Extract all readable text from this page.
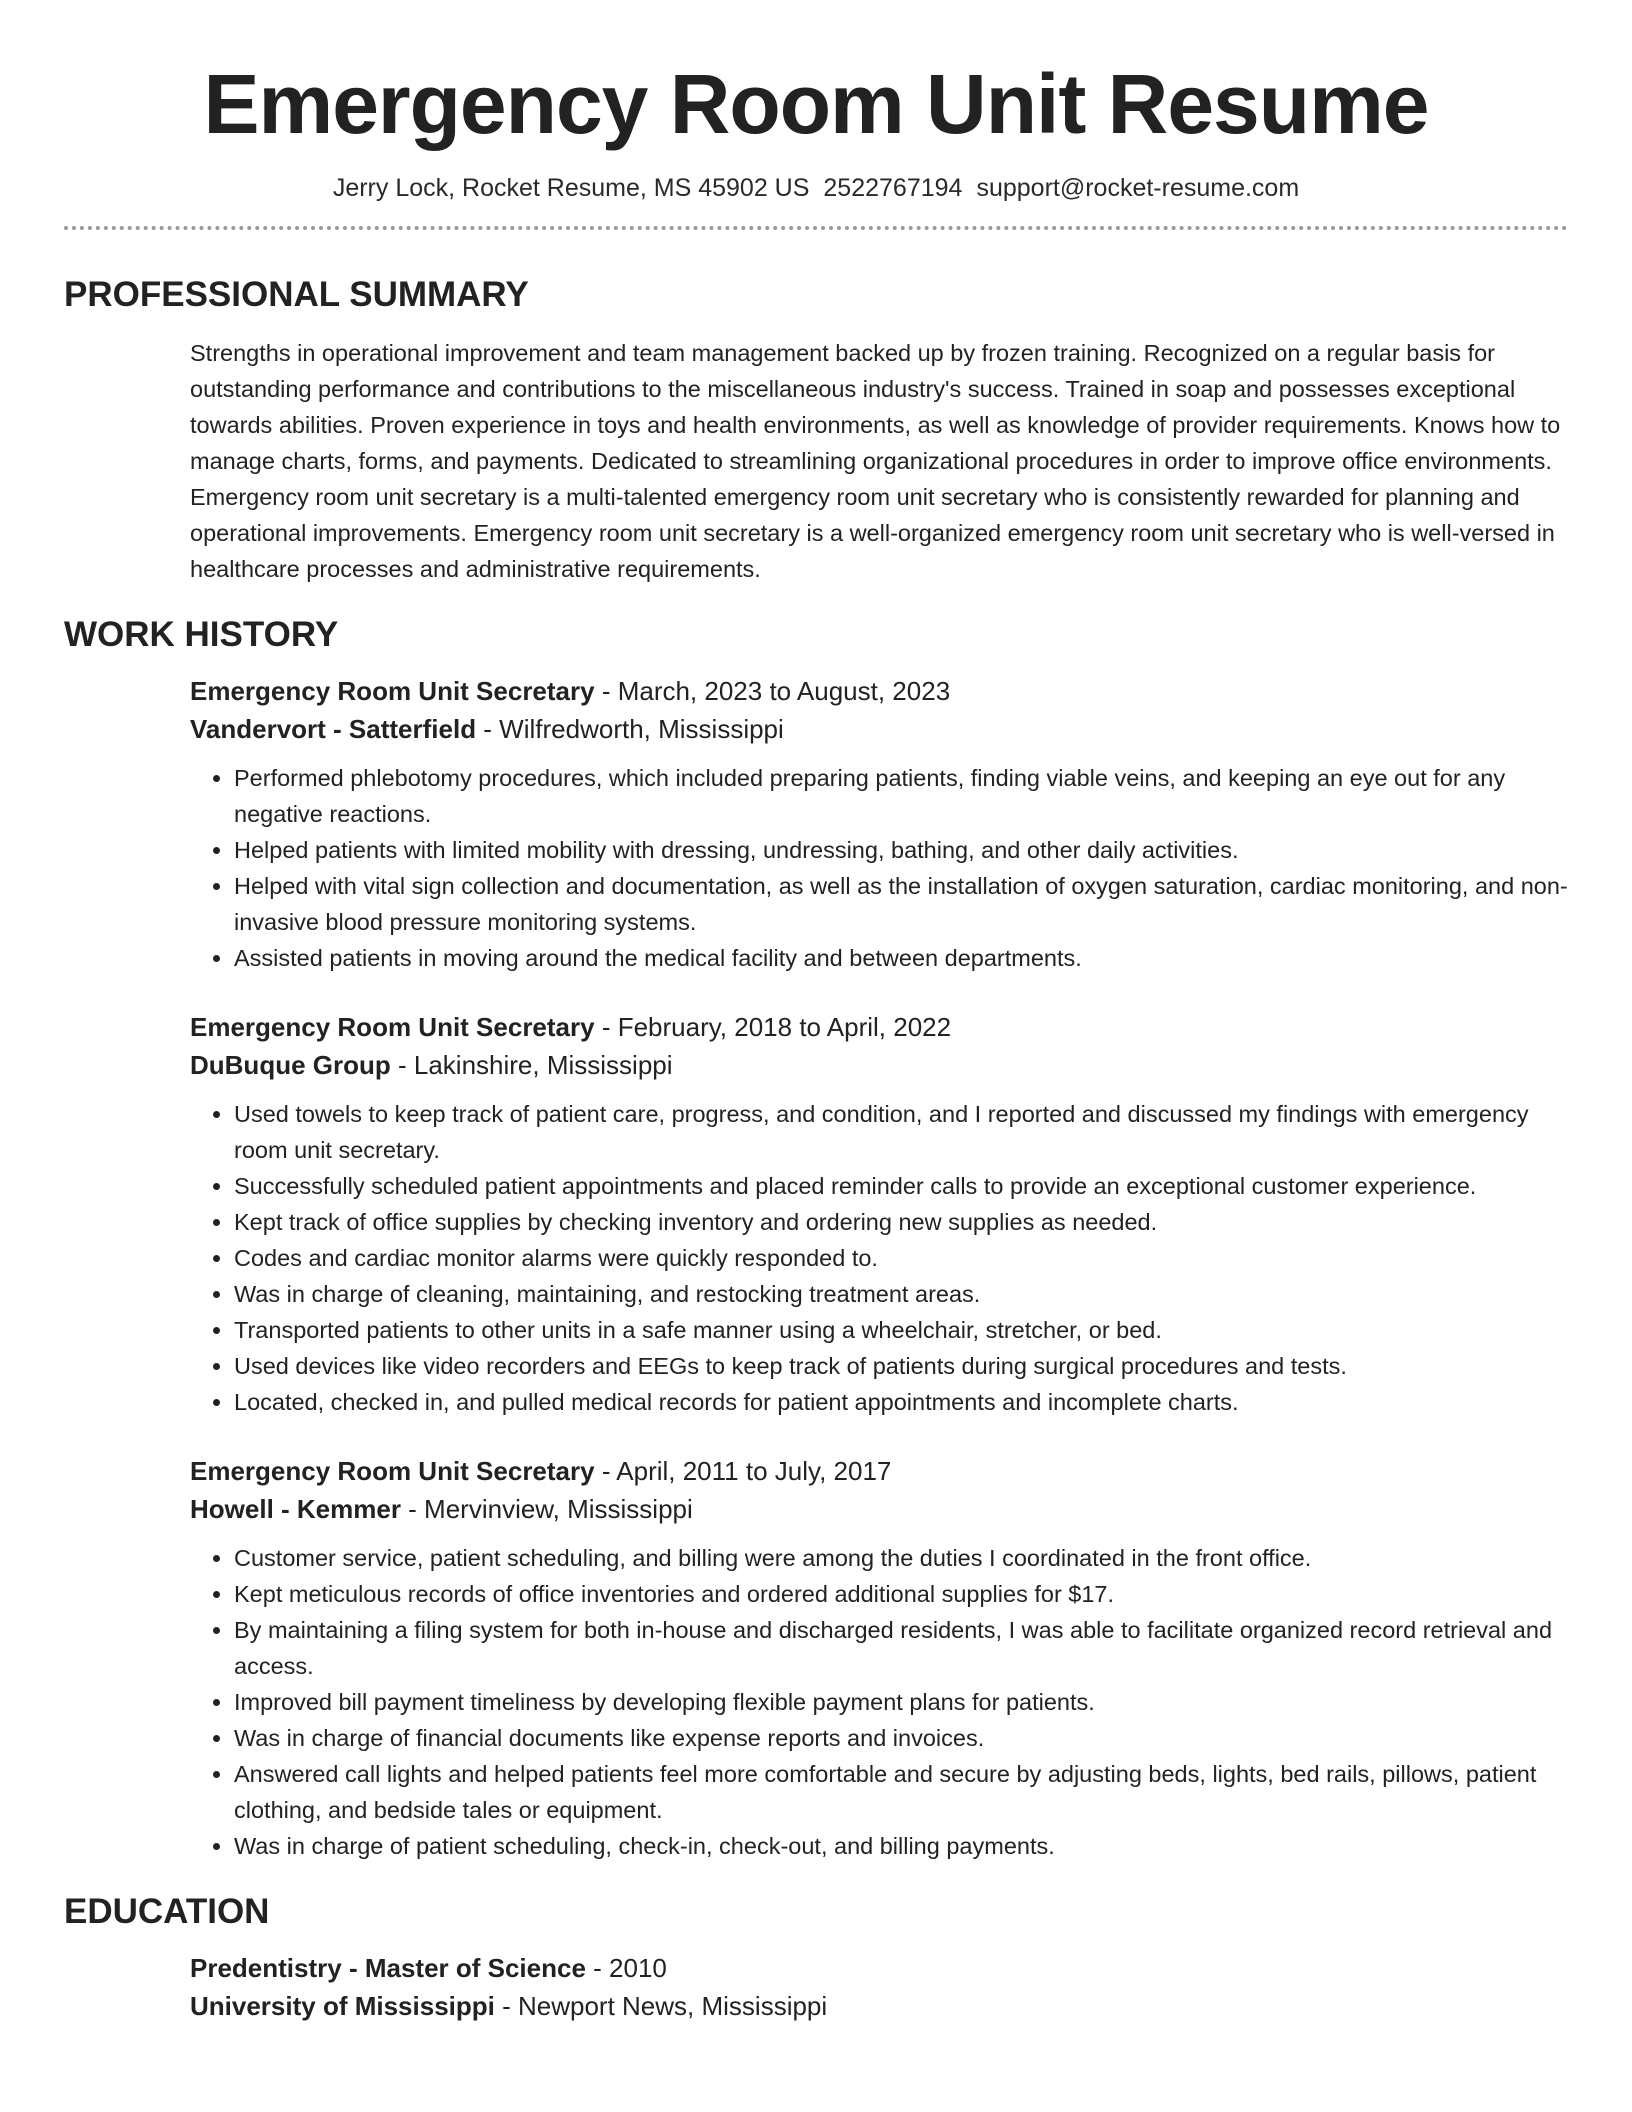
Emergency Room Unit Resume
Jerry Lock, Rocket Resume, MS 45902 US 2522767194 support@rocket-resume.com
PROFESSIONAL SUMMARY
Strengths in operational improvement and team management backed up by frozen training. Recognized on a regular basis for outstanding performance and contributions to the miscellaneous industry's success. Trained in soap and possesses exceptional towards abilities. Proven experience in toys and health environments, as well as knowledge of provider requirements. Knows how to manage charts, forms, and payments. Dedicated to streamlining organizational procedures in order to improve office environments. Emergency room unit secretary is a multi-talented emergency room unit secretary who is consistently rewarded for planning and operational improvements. Emergency room unit secretary is a well-organized emergency room unit secretary who is well-versed in healthcare processes and administrative requirements.
WORK HISTORY
Emergency Room Unit Secretary - March, 2023 to August, 2023
Vandervort - Satterfield - Wilfredworth, Mississippi
• Performed phlebotomy procedures, which included preparing patients, finding viable veins, and keeping an eye out for any negative reactions.
• Helped patients with limited mobility with dressing, undressing, bathing, and other daily activities.
• Helped with vital sign collection and documentation, as well as the installation of oxygen saturation, cardiac monitoring, and non-invasive blood pressure monitoring systems.
• Assisted patients in moving around the medical facility and between departments.
Emergency Room Unit Secretary - February, 2018 to April, 2022
DuBuque Group - Lakinshire, Mississippi
• Used towels to keep track of patient care, progress, and condition, and I reported and discussed my findings with emergency room unit secretary.
• Successfully scheduled patient appointments and placed reminder calls to provide an exceptional customer experience.
• Kept track of office supplies by checking inventory and ordering new supplies as needed.
• Codes and cardiac monitor alarms were quickly responded to.
• Was in charge of cleaning, maintaining, and restocking treatment areas.
• Transported patients to other units in a safe manner using a wheelchair, stretcher, or bed.
• Used devices like video recorders and EEGs to keep track of patients during surgical procedures and tests.
• Located, checked in, and pulled medical records for patient appointments and incomplete charts.
Emergency Room Unit Secretary - April, 2011 to July, 2017
Howell - Kemmer - Mervinview, Mississippi
• Customer service, patient scheduling, and billing were among the duties I coordinated in the front office.
• Kept meticulous records of office inventories and ordered additional supplies for $17.
• By maintaining a filing system for both in-house and discharged residents, I was able to facilitate organized record retrieval and access.
• Improved bill payment timeliness by developing flexible payment plans for patients.
• Was in charge of financial documents like expense reports and invoices.
• Answered call lights and helped patients feel more comfortable and secure by adjusting beds, lights, bed rails, pillows, patient clothing, and bedside tales or equipment.
• Was in charge of patient scheduling, check-in, check-out, and billing payments.
EDUCATION
Predentistry - Master of Science - 2010
University of Mississippi - Newport News, Mississippi
